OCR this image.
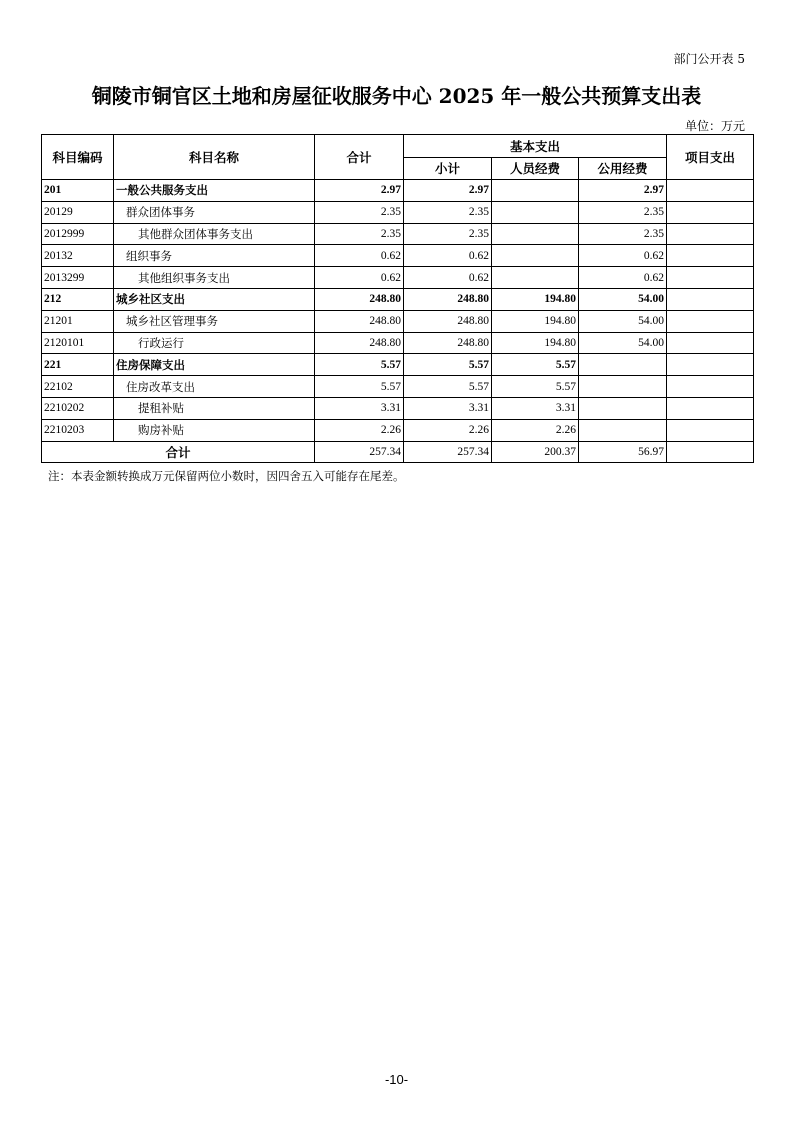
部门公开表 5
铜陵市铜官区土地和房屋征收服务中心 2025 年一般公共预算支出表
单位：万元
科目编码	科目名称	合计	基本支出			项目支出
			小计	人员经费	公用经费	
201	一般公共服务支出	2.97	2.97		2.97	
20129	群众团体事务	2.35	2.35		2.35	
2012999	其他群众团体事务支出	2.35	2.35		2.35	
20132	组织事务	0.62	0.62		0.62	
2013299	其他组织事务支出	0.62	0.62		0.62	
212	城乡社区支出	248.80	248.80	194.80	54.00	
21201	城乡社区管理事务	248.80	248.80	194.80	54.00	
2120101	行政运行	248.80	248.80	194.80	54.00	
221	住房保障支出	5.57	5.57	5.57		
22102	住房改革支出	5.57	5.57	5.57		
2210202	提租补贴	3.31	3.31	3.31		
2210203	购房补贴	2.26	2.26	2.26		
合计		257.34	257.34	200.37	56.97	
注：本表金额转换成万元保留两位小数时，因四舍五入可能存在尾差。
-10-
